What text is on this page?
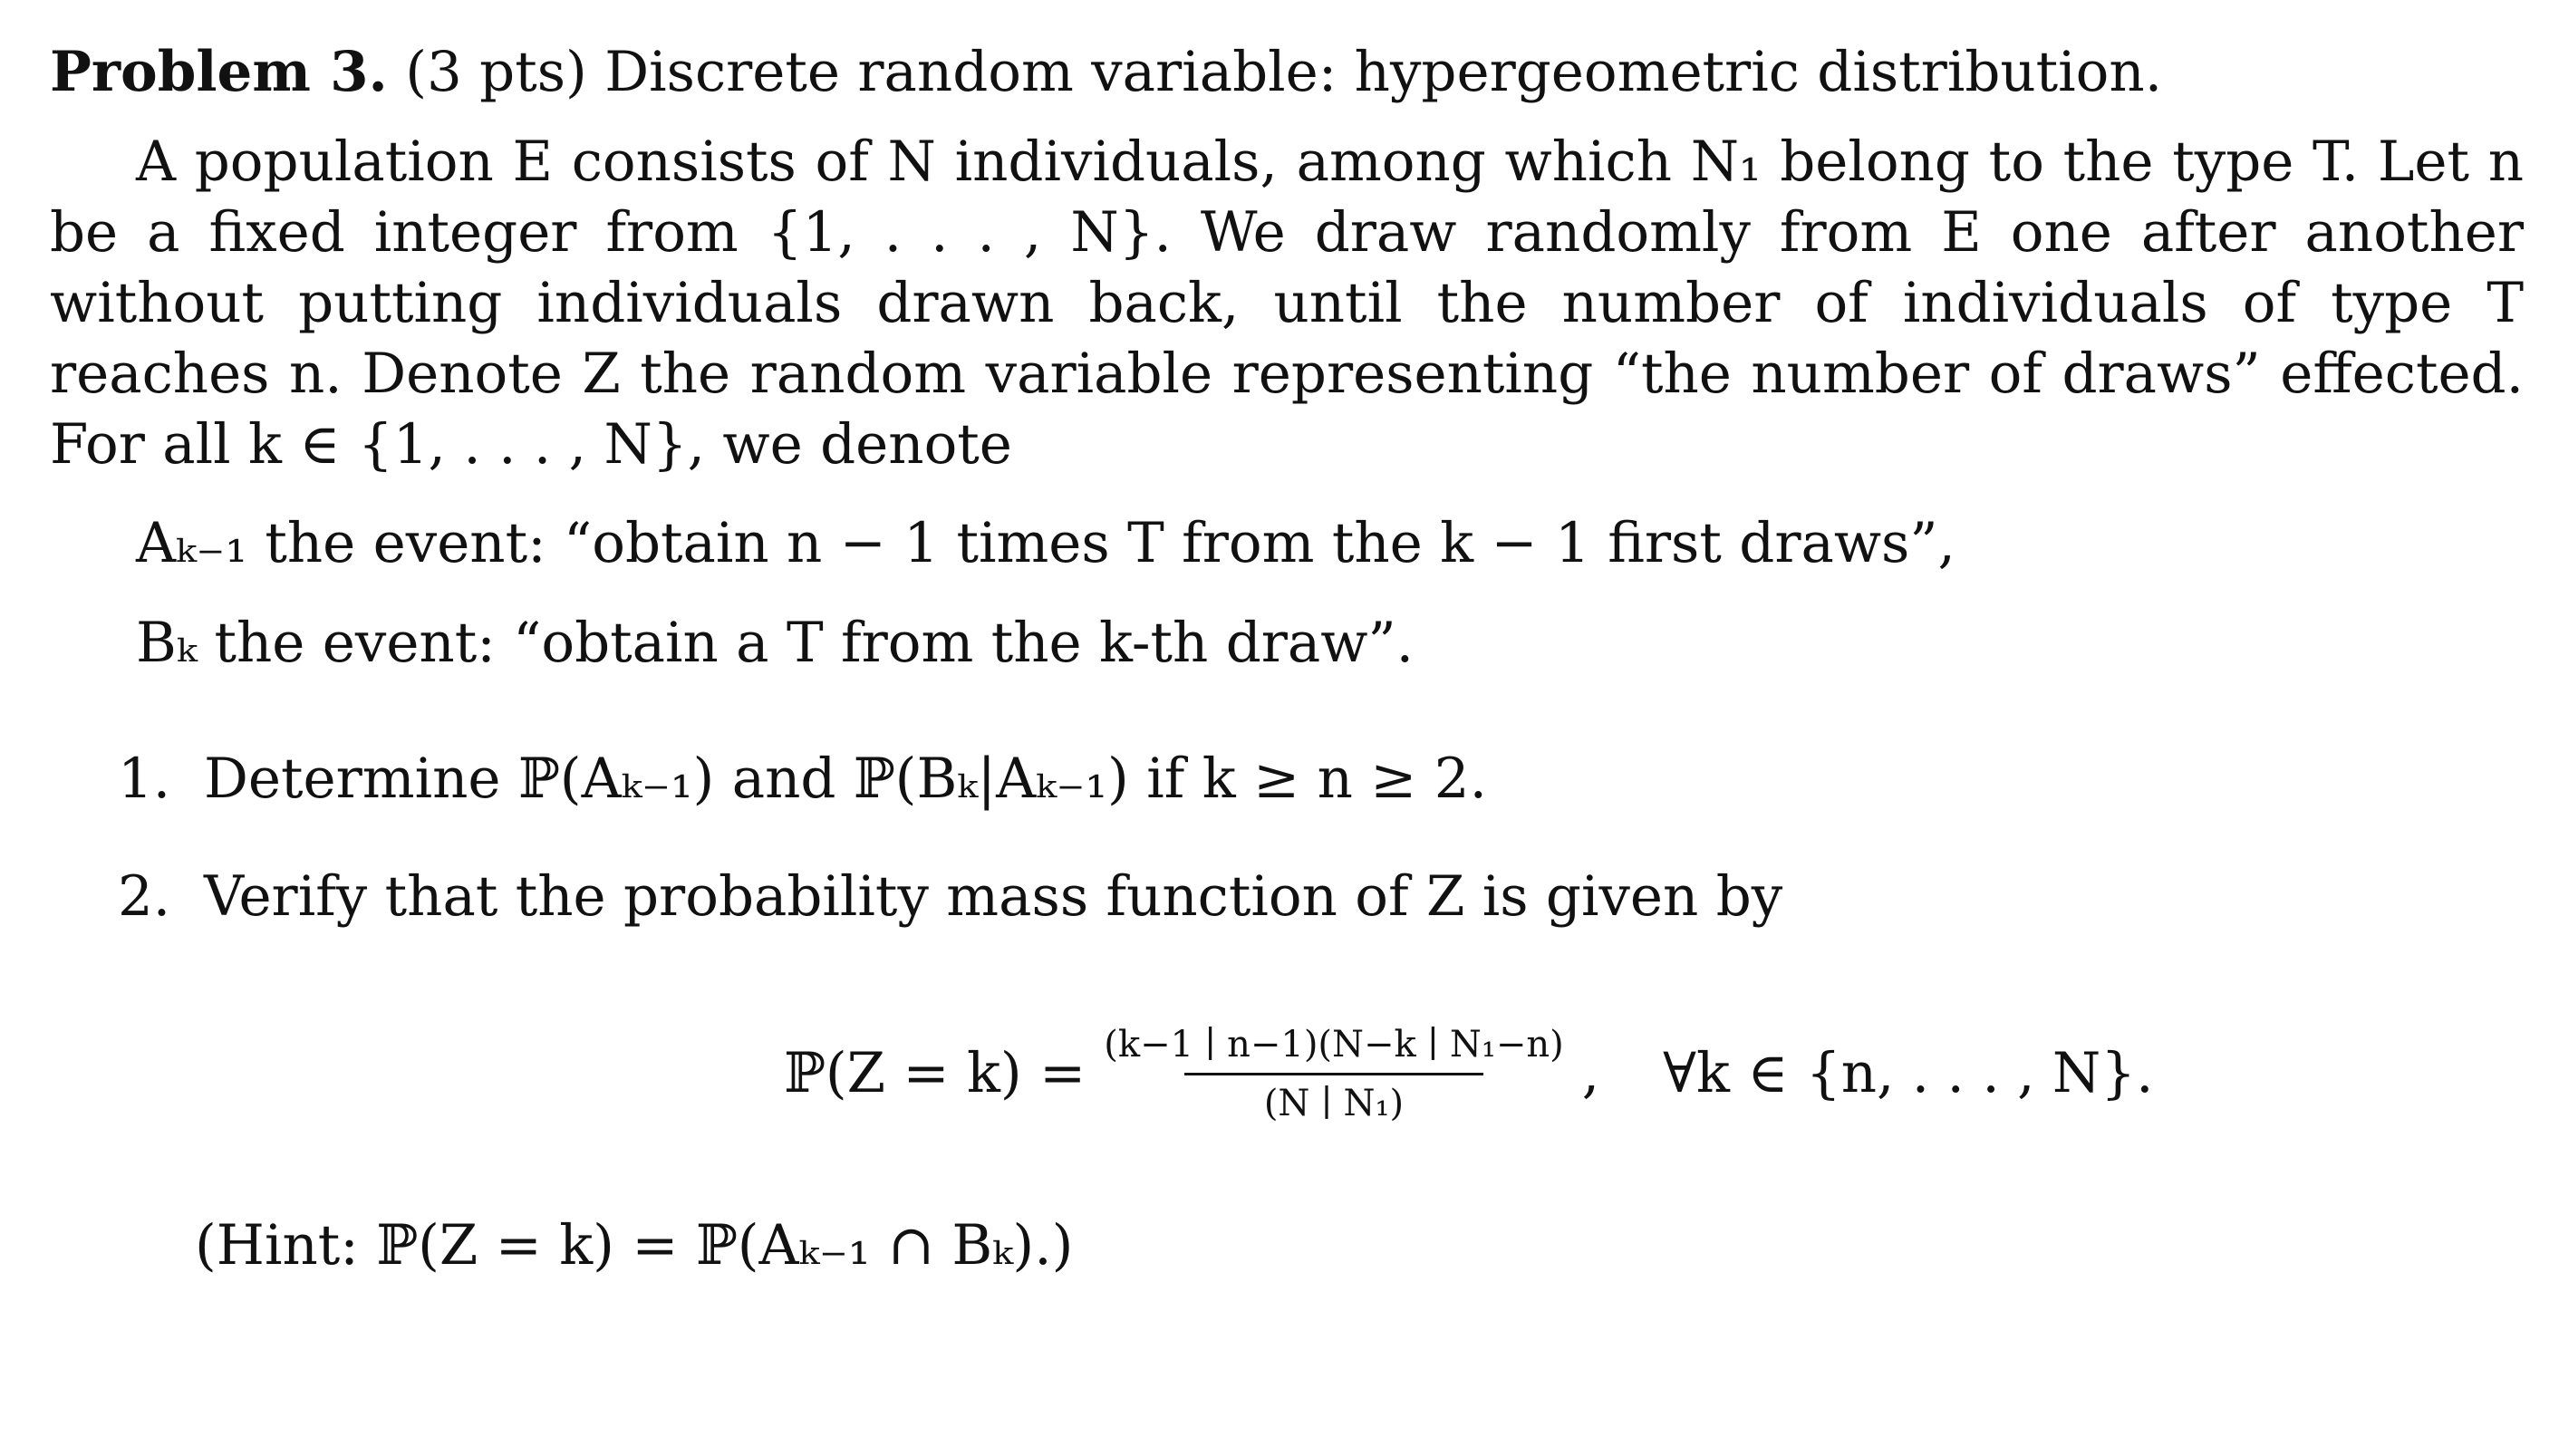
Problem 3. (3 pts) Discrete random variable: hypergeometric distribution.
A population E consists of N individuals, among which N₁ belong to the type T. Let n be a fixed integer from {1, . . . , N}. We draw randomly from E one after another without putting individuals drawn back, until the number of individuals of type T reaches n. Denote Z the random variable representing “the number of draws” effected. For all k ∈ {1, . . . , N}, we denote
Aₖ₋₁ the event: “obtain n − 1 times T from the k − 1 first draws”,
Bₖ the event: “obtain a T from the k-th draw”.
1. Determine ℙ(Aₖ₋₁) and ℙ(Bₖ|Aₖ₋₁) if k ≥ n ≥ 2.
2. Verify that the probability mass function of Z is given by
ℙ(Z = $k) = \frac{\text{(k−1 ∣ n−1)(N−k ∣ N₁−n)}}{\text{(N ∣ N₁)}}$ , ∀k ∈ {n, . . . , N}.
(Hint: ℙ(Z = k) = ℙ(Aₖ₋₁ ∩ Bₖ).)
